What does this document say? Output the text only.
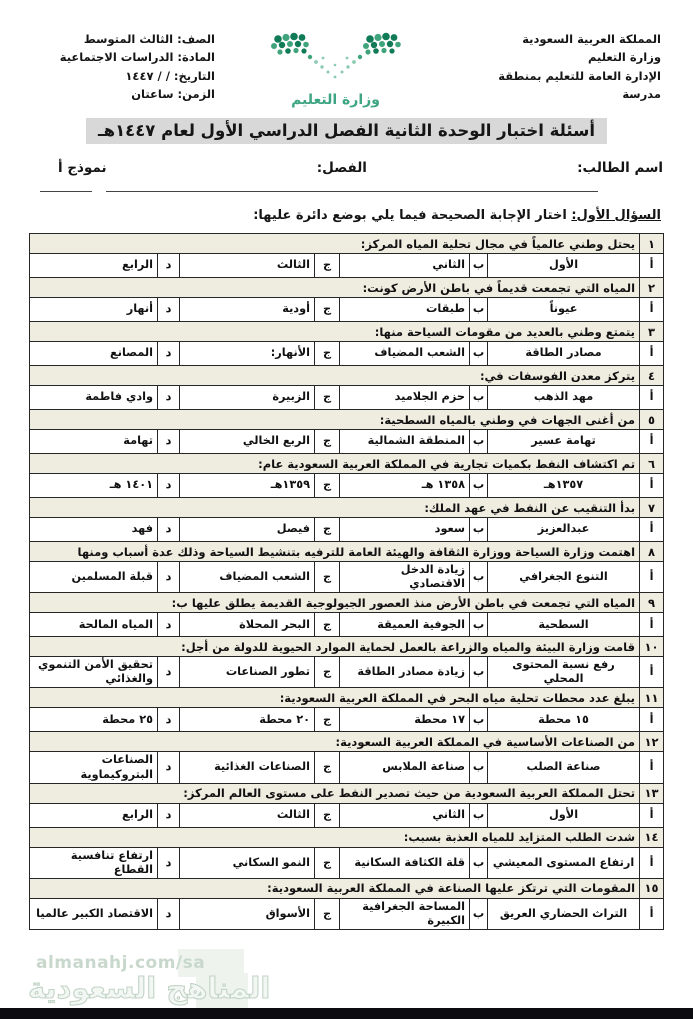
المملكة العربية السعودية
وزارة التعليم
الإدارة العامة للتعليم بمنطقة
مدرسة
وزارة التعليم
الصف: الثالث المتوسط
المادة: الدراسات الاجتماعية
التاريخ: / / ١٤٤٧
الزمن: ساعتان
أسئلة اختبار الوحدة الثانية الفصل الدراسي الأول لعام ١٤٤٧هـ
اسم الطالب:
الفصل:
نموذج أ
السؤال الأول: اختار الإجابة الصحيحة فيما يلي بوضع دائرة عليها:
١	يحتل وطني عالمياً في مجال تحلية المياه المركز:						
أ	الأول	ب	الثاني	ج	الثالث	د	الرابع
٢	المياه التي تجمعت قديماً في باطن الأرض كونت:						
أ	عيوناً	ب	طبقات	ج	أودية	د	أنهار
٣	يتمتع وطني بالعديد من مقومات السياحة منها:						
أ	مصادر الطاقة	ب	الشعب المضياف	ج	الأنهار:	د	المصانع
٤	يتركز معدن الفوسفات في:						
أ	مهد الذهب	ب	حزم الجلاميد	ج	الزبيرة	د	وادي فاطمة
٥	من أغنى الجهات في وطني بالمياه السطحية:						
أ	تهامة عسير	ب	المنطقة الشمالية	ج	الربع الخالي	د	تهامة
٦	تم اكتشاف النفط بكميات تجارية في المملكة العربية السعودية عام:						
أ	١٣٥٧هـ	ب	١٣٥٨ هـ	ج	١٣٥٩هـ	د	١٤٠١ هـ
٧	بدأ التنقيب عن النفط في عهد الملك:						
أ	عبدالعزيز	ب	سعود	ج	فيصل	د	فهد
٨	اهتمت وزارة السياحة ووزارة الثقافة والهيئة العامة للترفيه بتنشيط السياحة وذلك عدة أسباب ومنها						
أ	التنوع الجغرافي	ب	زيادة الدخل الاقتصادي	ج	الشعب المضياف	د	قبلة المسلمين
٩	المياه التي تجمعت في باطن الأرض منذ العصور الجيولوجية القديمة يطلق عليها ب:						
أ	السطحية	ب	الجوفية العميقة	ج	البحر المحلاة	د	المياه المالحة
١٠	قامت وزارة البيئة والمياه والزراعة بالعمل لحماية الموارد الحيوية للدولة من أجل:						
أ	رفع نسبة المحتوى المحلي	ب	زيادة مصادر الطاقة	ج	تطور الصناعات	د	تحقيق الأمن التنموي والغذائي
١١	يبلغ عدد محطات تحلية مياه البحر في المملكة العربية السعودية:						
أ	١٥ محطة	ب	١٧ محطة	ج	٢٠ محطة	د	٢٥ محطة
١٢	من الصناعات الأساسية في المملكة العربية السعودية:						
أ	صناعة الصلب	ب	صناعة الملابس	ج	الصناعات الغذائية	د	الصناعات البتروكيماوية
١٣	تحتل المملكة العربية السعودية من حيث تصدير النفط على مستوى العالم المركز:						
أ	الأول	ب	الثاني	ج	الثالث	د	الرابع
١٤	شدت الطلب المتزايد للمياه العذبة بسبب:						
أ	ارتفاع المستوى المعيشي	ب	قلة الكثافة السكانية	ج	النمو السكاني	د	ارتفاع تنافسية القطاع
١٥	المقومات التي ترتكز عليها الصناعة في المملكة العربية السعودية:						
أ	التراث الحضاري العريق	ب	المساحة الجغرافية الكبيرة	ج	الأسواق	د	الاقتصاد الكبير عالميا
almanahj.com/sa
المناهج السعودية
